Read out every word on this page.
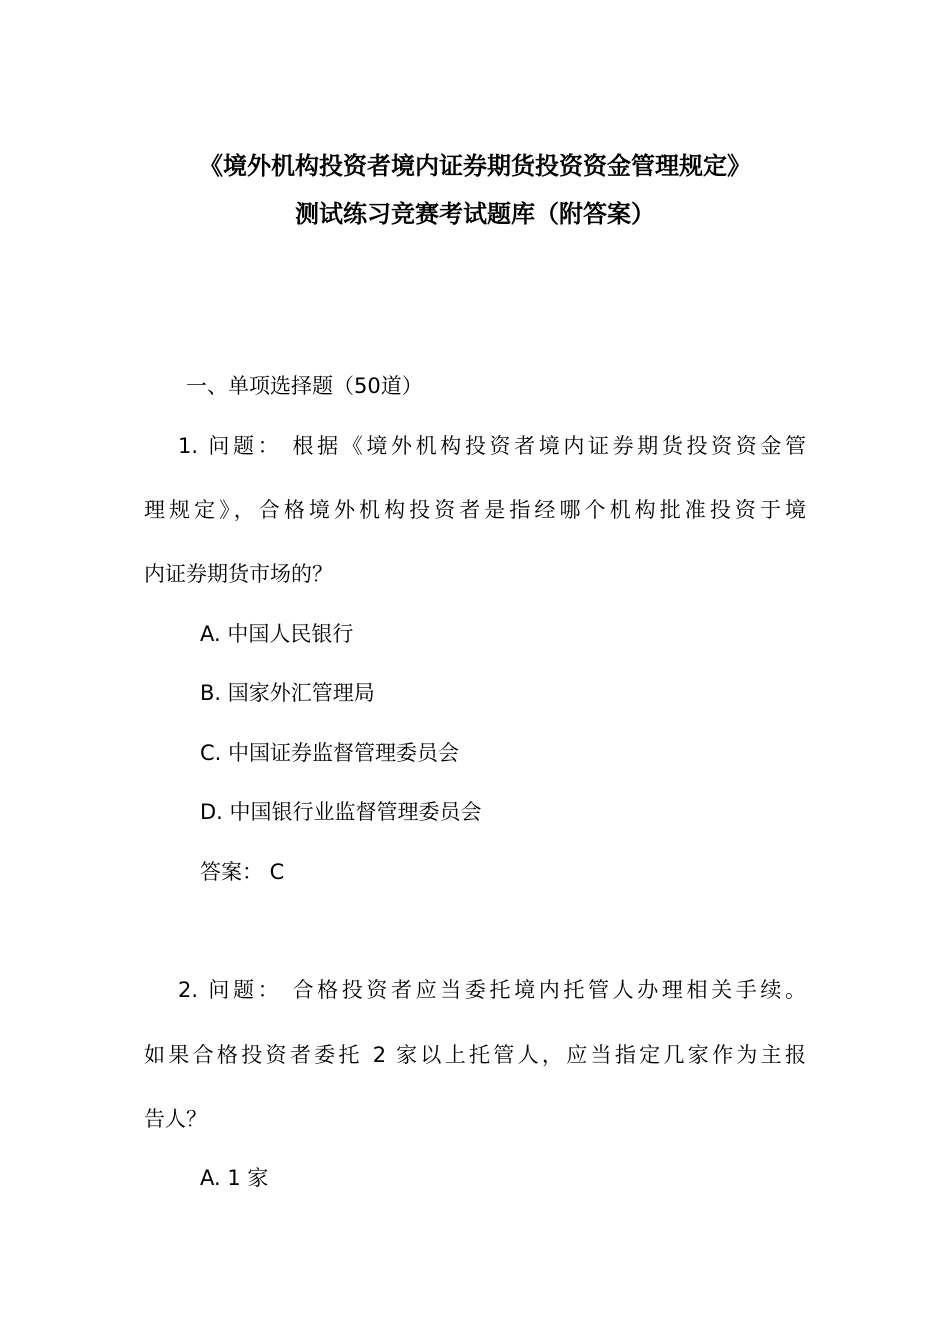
《境外机构投资者境内证券期货投资资金管理规定》
测试练习竞赛考试题库（附答案）
一、单项选择题（50道）
1. 问题： 根据《境外机构投资者境内证券期货投资资金管
理规定》，合格境外机构投资者是指经哪个机构批准投资于境
内证券期货市场的？
A. 中国人民银行
B. 国家外汇管理局
C. 中国证券监督管理委员会
D. 中国银行业监督管理委员会
答案： C
2. 问题： 合格投资者应当委托境内托管人办理相关手续。
如果合格投资者委托 2 家以上托管人，应当指定几家作为主报
告人？
A. 1 家
